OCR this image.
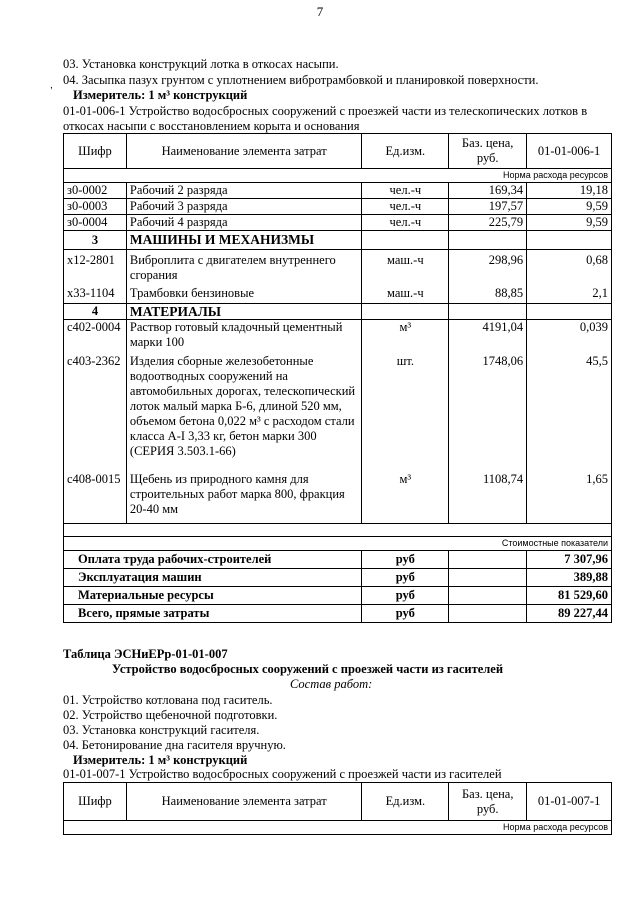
7
03. Установка конструкций лотка в откосах насыпи.
04. Засыпка пазух грунтом с уплотнением вибротрамбовкой и планировкой поверхности.
,
Измеритель: 1 м³ конструкций
01-01-006-1 Устройство водосбросных сооружений с проезжей части из телескопических лотков в
откосах насыпи с восстановлением корыта и основания
Шифр	Наименование элемента затрат	Ед.изм.	Баз. цена, руб.	01-01-006-1
Норма расхода ресурсов				
з0-0002	Рабочий 2 разряда	чел.-ч	169,34	19,18
з0-0003	Рабочий 3 разряда	чел.-ч	197,57	9,59
з0-0004	Рабочий 4 разряда	чел.-ч	225,79	9,59
3	МАШИНЫ И МЕХАНИЗМЫ			
х12-2801	Виброплита с двигателем внутреннего сгорания	маш.-ч	298,96	0,68
х33-1104	Трамбовки бензиновые	маш.-ч	88,85	2,1
4	МАТЕРИАЛЫ			
с402-0004	Раствор готовый кладочный цементный марки 100	м³	4191,04	0,039
с403-2362	Изделия сборные железобетонные водоотводных сооружений на автомобильных дорогах, телескопический лоток малый марка Б-6, длиной 520 мм, объемом бетона 0,022 м³ с расходом стали класса А-I 3,33 кг, бетон марки 300 (СЕРИЯ 3.503.1-66)	шт.	1748,06	45,5
с408-0015	Щебень из природного камня для строительных работ марка 800, фракция 20-40 мм	м³	1108,74	1,65

Стоимостные показатели				
Оплата труда рабочих-строителей		руб		7 307,96
Эксплуатация машин		руб		389,88
Материальные ресурсы		руб		81 529,60
Всего, прямые затраты		руб		89 227,44
Таблица ЭСНиЕРр-01-01-007
Устройство водосбросных сооружений с проезжей части из гасителей
Состав работ:
01. Устройство котлована под гаситель.
02. Устройство щебеночной подготовки.
03. Установка конструкций гасителя.
04. Бетонирование дна гасителя вручную.
Измеритель: 1 м³ конструкций
01-01-007-1 Устройство водосбросных сооружений с проезжей части из гасителей
Шифр	Наименование элемента затрат	Ед.изм.	Баз. цена, руб.	01-01-007-1
Норма расхода ресурсов
